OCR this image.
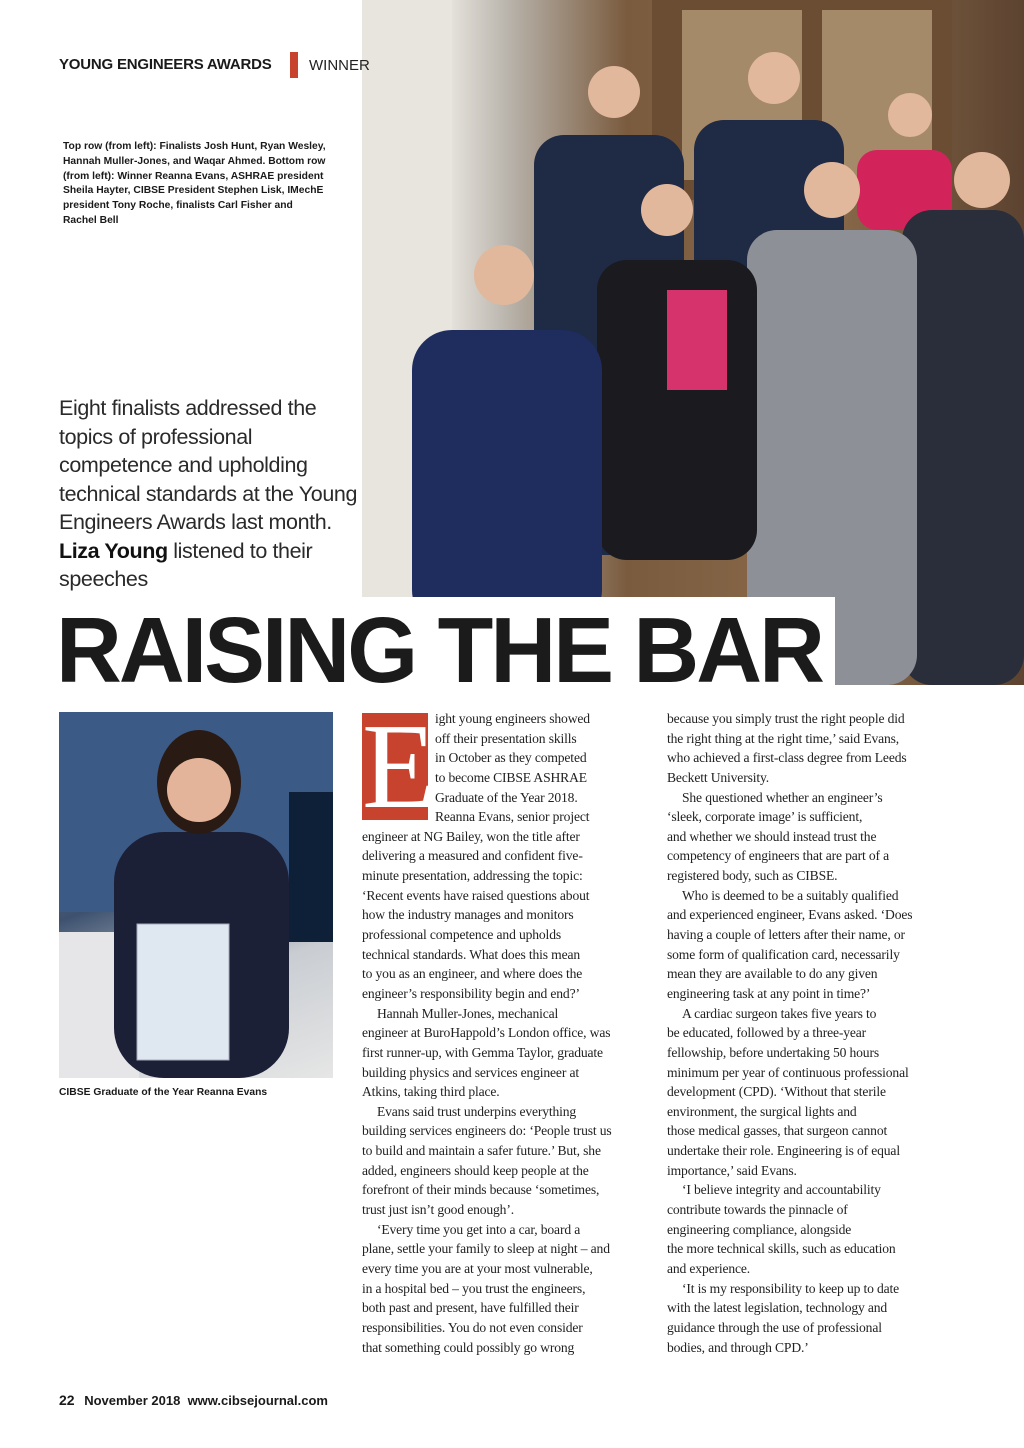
YOUNG ENGINEERS AWARDS WINNER
Top row (from left): Finalists Josh Hunt, Ryan Wesley, Hannah Muller-Jones, and Waqar Ahmed. Bottom row (from left): Winner Reanna Evans, ASHRAE president Sheila Hayter, CIBSE President Stephen Lisk, IMechE president Tony Roche, finalists Carl Fisher and Rachel Bell
Eight finalists addressed the topics of professional competence and upholding technical standards at the Young Engineers Awards last month. Liza Young listened to their speeches
RAISING THE BAR
CIBSE Graduate of the Year Reanna Evans
E
ight young engineers showed
off their presentation skills
in October as they competed
to become CIBSE ASHRAE
Graduate of the Year 2018.
Reanna Evans, senior project
engineer at NG Bailey, won the title after
delivering a measured and confident five-
minute presentation, addressing the topic:
‘Recent events have raised questions about
how the industry manages and monitors
professional competence and upholds
technical standards. What does this mean
to you as an engineer, and where does the
engineer’s responsibility begin and end?’
Hannah Muller-Jones, mechanical
engineer at BuroHappold’s London office, was
first runner-up, with Gemma Taylor, graduate
building physics and services engineer at
Atkins, taking third place.
Evans said trust underpins everything
building services engineers do: ‘People trust us
to build and maintain a safer future.’ But, she
added, engineers should keep people at the
forefront of their minds because ‘sometimes,
trust just isn’t good enough’.
‘Every time you get into a car, board a
plane, settle your family to sleep at night – and
every time you are at your most vulnerable,
in a hospital bed – you trust the engineers,
both past and present, have fulfilled their
responsibilities. You do not even consider
that something could possibly go wrong
because you simply trust the right people did
the right thing at the right time,’ said Evans,
who achieved a first-class degree from Leeds
Beckett University.
She questioned whether an engineer’s
‘sleek, corporate image’ is sufficient,
and whether we should instead trust the
competency of engineers that are part of a
registered body, such as CIBSE.
Who is deemed to be a suitably qualified
and experienced engineer, Evans asked. ‘Does
having a couple of letters after their name, or
some form of qualification card, necessarily
mean they are available to do any given
engineering task at any point in time?’
A cardiac surgeon takes five years to
be educated, followed by a three-year
fellowship, before undertaking 50 hours
minimum per year of continuous professional
development (CPD). ‘Without that sterile
environment, the surgical lights and
those medical gasses, that surgeon cannot
undertake their role. Engineering is of equal
importance,’ said Evans.
‘I believe integrity and accountability
contribute towards the pinnacle of
engineering compliance, alongside
the more technical skills, such as education
and experience.
‘It is my responsibility to keep up to date
with the latest legislation, technology and
guidance through the use of professional
bodies, and through CPD.’
22 November 2018 www.cibsejournal.com
